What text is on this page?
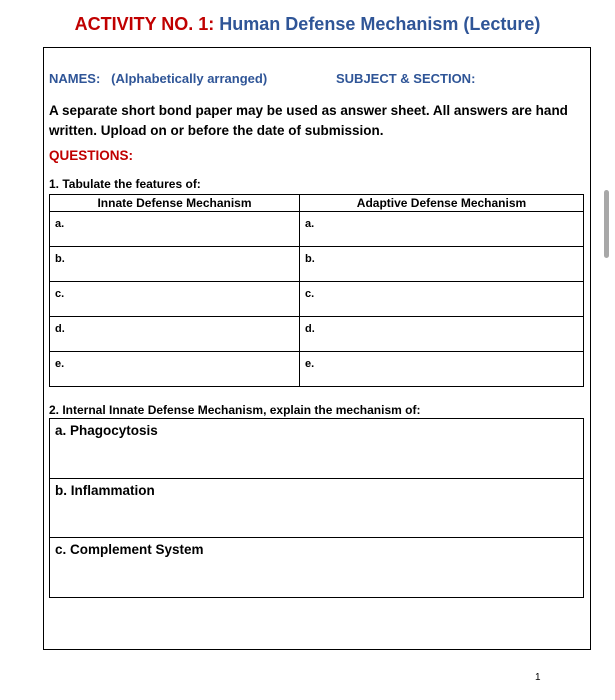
ACTIVITY NO. 1: Human Defense Mechanism (Lecture)
NAMES: (Alphabetically arranged)	SUBJECT & SECTION:
A separate short bond paper may be used as answer sheet. All answers are hand written. Upload on or before the date of submission.
QUESTIONS:
1. Tabulate the features of:
Innate Defense Mechanism	Adaptive Defense Mechanism
a.	a.
b.	b.
c.	c.
d.	d.
e.	e.
2. Internal Innate Defense Mechanism, explain the mechanism of:
a. Phagocytosis
b. Inflammation
c. Complement System
1
